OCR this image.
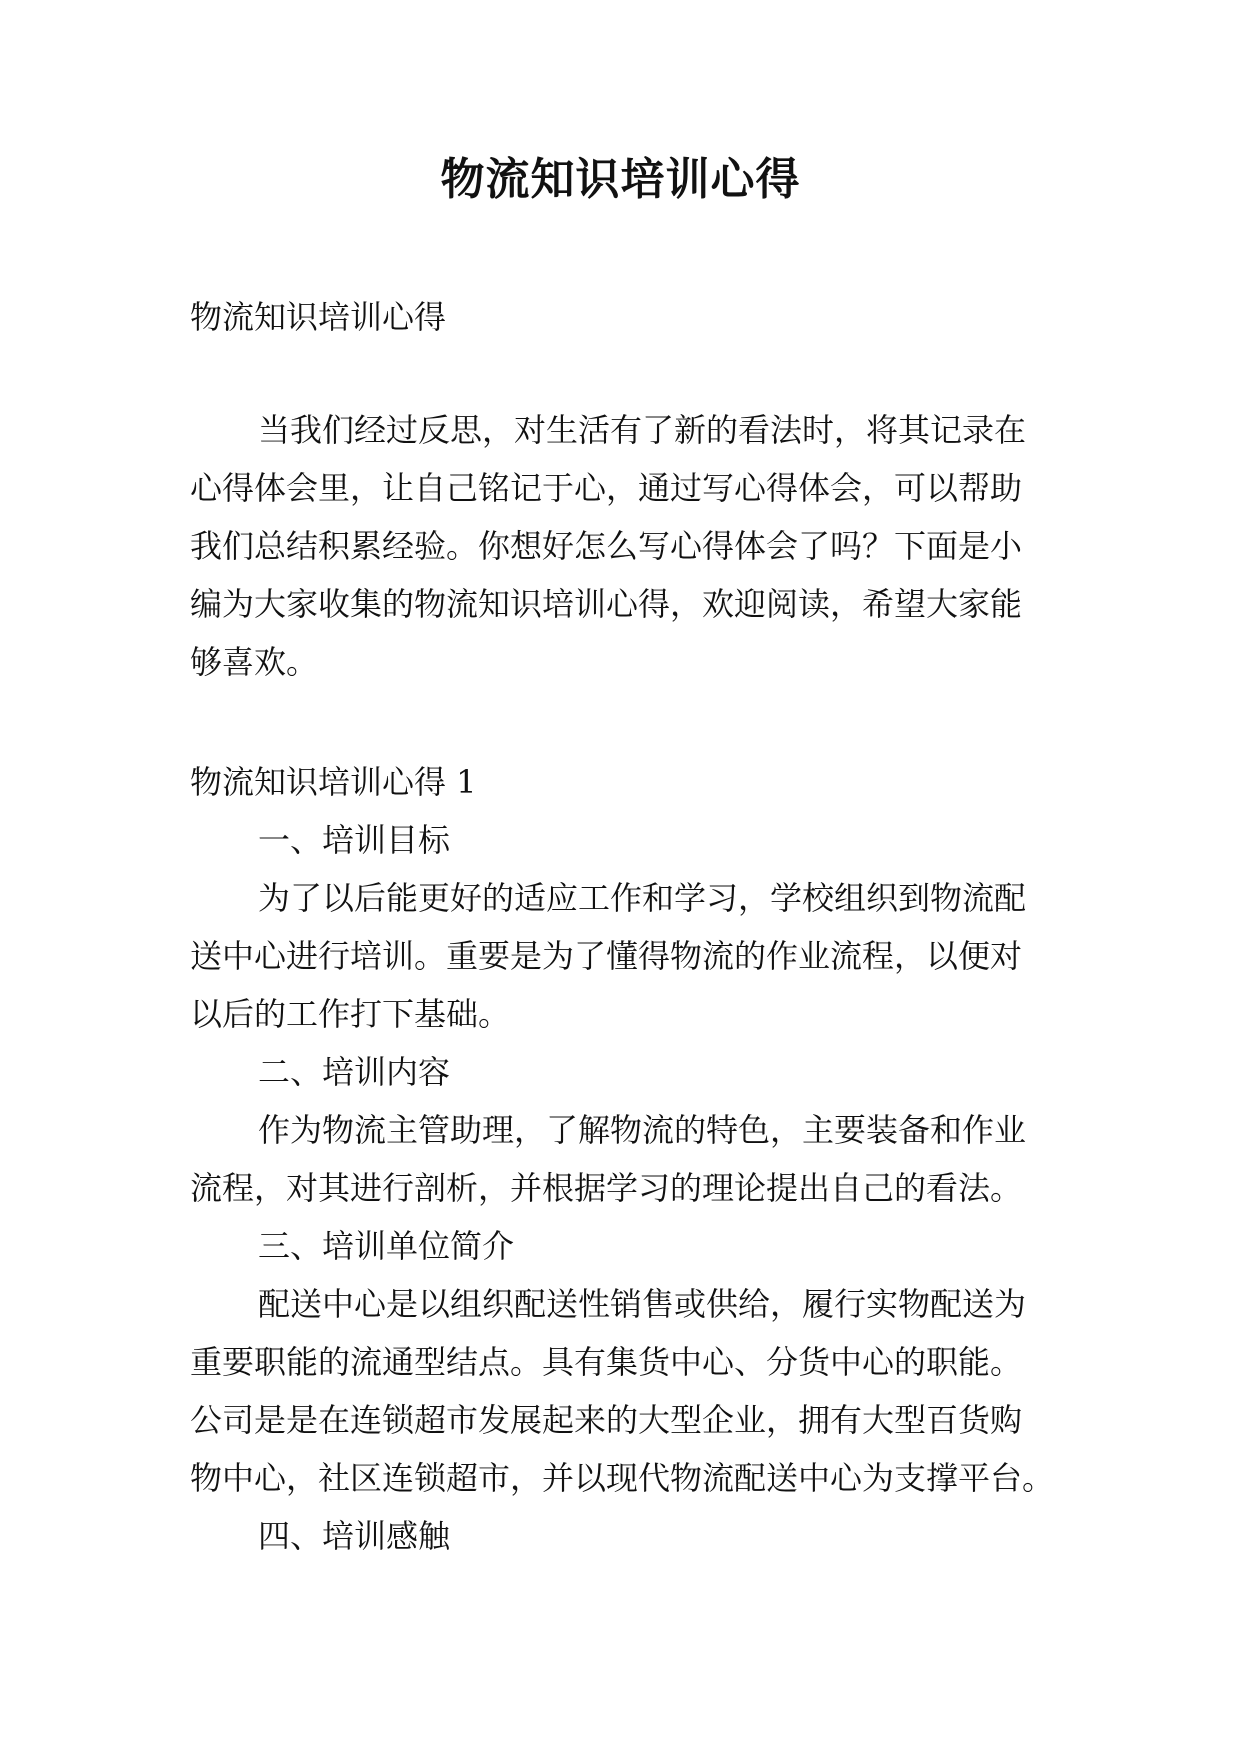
物流知识培训心得

物流知识培训心得

当我们经过反思，对生活有了新的看法时，将其记录在

心得体会里，让自己铭记于心，通过写心得体会，可以帮助

我们总结积累经验。你想好怎么写心得体会了吗？下面是小

编为大家收集的物流知识培训心得，欢迎阅读，希望大家能

够喜欢。

物流知识培训心得 1

一、培训目标

为了以后能更好的适应工作和学习，学校组织到物流配

送中心进行培训。重要是为了懂得物流的作业流程，以便对

以后的工作打下基础。

二、培训内容

作为物流主管助理，了解物流的特色，主要装备和作业

流程，对其进行剖析，并根据学习的理论提出自己的看法。

三、培训单位简介

配送中心是以组织配送性销售或供给，履行实物配送为

重要职能的流通型结点。具有集货中心、分货中心的职能。

公司是是在连锁超市发展起来的大型企业，拥有大型百货购

物中心，社区连锁超市，并以现代物流配送中心为支撑平台。

四、培训感触
